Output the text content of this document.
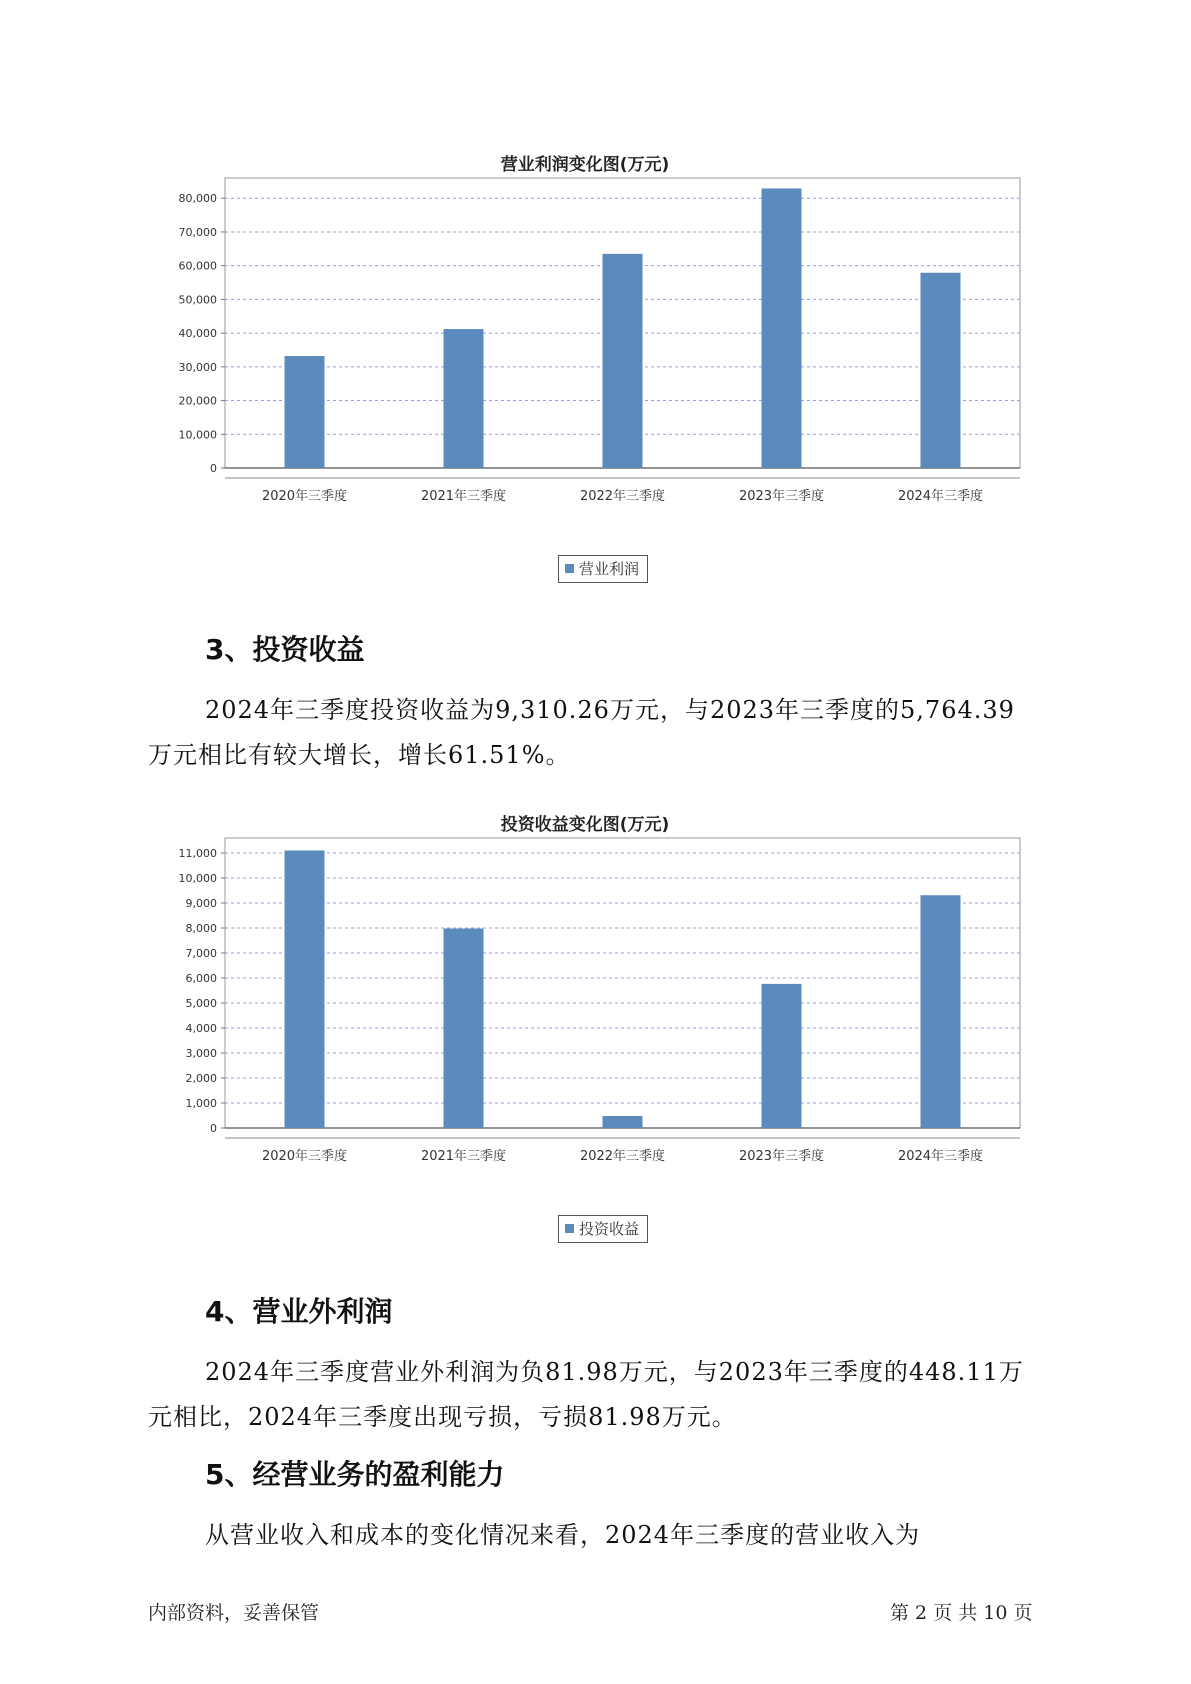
营业利润变化图(万元)
0
10,000
20,000
30,000
40,000
50,000
60,000
70,000
80,000
2020年三季度	2021年三季度	2022年三季度	2023年三季度	2024年三季度
营业利润
3、投资收益
2024年三季度投资收益为9,310.26万元，与2023年三季度的5,764.39
万元相比有较大增长，增长61.51%。
投资收益变化图(万元)
0
1,000
2,000
3,000
4,000
5,000
6,000
7,000
8,000
9,000
10,000
11,000
2020年三季度	2021年三季度	2022年三季度	2023年三季度	2024年三季度
投资收益
4、营业外利润
2024年三季度营业外利润为负81.98万元，与2023年三季度的448.11万
元相比，2024年三季度出现亏损，亏损81.98万元。
5、经营业务的盈利能力
从营业收入和成本的变化情况来看，2024年三季度的营业收入为
内部资料，妥善保管	第 2 页 共 10 页
